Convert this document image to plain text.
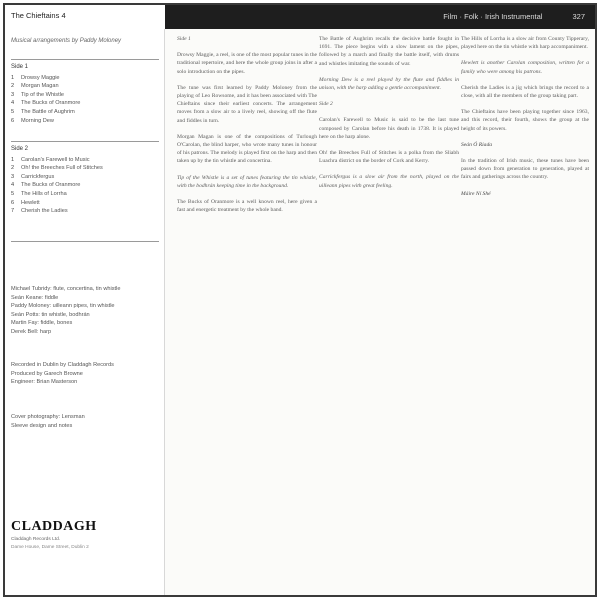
The Chieftains 4	Film · Folk · Irish Instrumental	327
Musical arrangements by Paddy Moloney
Side 1
1	Drowsy Maggie
2	Morgan Magan
3	Tip of the Whistle
4	The Bucks of Oranmore
5	The Battle of Aughrim
6	Morning Dew
Side 2
1	Carolan's Farewell to Music
2	Oh! the Breeches Full of Stitches
3	Carrickfergus
4	The Bucks of Oranmore
5	The Hills of Lorrha
6	Hewlett
7	Cherish the Ladies
Michael Tubridy: flute, concertina, tin whistle
Seán Keane: fiddle
Paddy Moloney: uilleann pipes, tin whistle
Seán Potts: tin whistle, bodhrán
Martin Fay: fiddle, bones
Derek Bell: harp
Recorded in Dublin by Claddagh Records
Produced by Garech Browne
Engineer: Brian Masterson
Cover photography: Lensman
Sleeve design and notes
CLADDAGH
Claddagh Records Ltd.
Dame House, Dame Street, Dublin 2

Side 1

Drowsy Maggie, a reel, is one of the most popular tunes in the traditional repertoire, and here the whole group joins in after a solo introduction on the pipes.

The tune was first learned by Paddy Moloney from the playing of Leo Rowsome, and it has been associated with The Chieftains since their earliest concerts. The arrangement moves from a slow air to a lively reel, showing off the flute and fiddles in turn.

Morgan Magan is one of the compositions of Turlough O'Carolan, the blind harper, who wrote many tunes in honour of his patrons. The melody is played first on the harp and then taken up by the tin whistle and concertina.

Tip of the Whistle is a set of tunes featuring the tin whistle, with the bodhrán keeping time in the background.

The Bucks of Oranmore is a well known reel, here given a fast and energetic treatment by the whole band.

The Battle of Aughrim recalls the decisive battle fought in 1691. The piece begins with a slow lament on the pipes, followed by a march and finally the battle itself, with drums and whistles imitating the sounds of war.

Morning Dew is a reel played by the flute and fiddles in unison, with the harp adding a gentle accompaniment.

Side 2

Carolan's Farewell to Music is said to be the last tune composed by Carolan before his death in 1738. It is played here on the harp alone.

Oh! the Breeches Full of Stitches is a polka from the Sliabh Luachra district on the border of Cork and Kerry.

Carrickfergus is a slow air from the north, played on the uilleann pipes with great feeling.

The Hills of Lorrha is a slow air from County Tipperary, played here on the tin whistle with harp accompaniment.

Hewlett is another Carolan composition, written for a family who were among his patrons.

Cherish the Ladies is a jig which brings the record to a close, with all the members of the group taking part.

The Chieftains have been playing together since 1963, and this record, their fourth, shows the group at the height of its powers.

Seán Ó Riada

In the tradition of Irish music, these tunes have been passed down from generation to generation, played at fairs and gatherings across the country.

Máire Ní Shé
